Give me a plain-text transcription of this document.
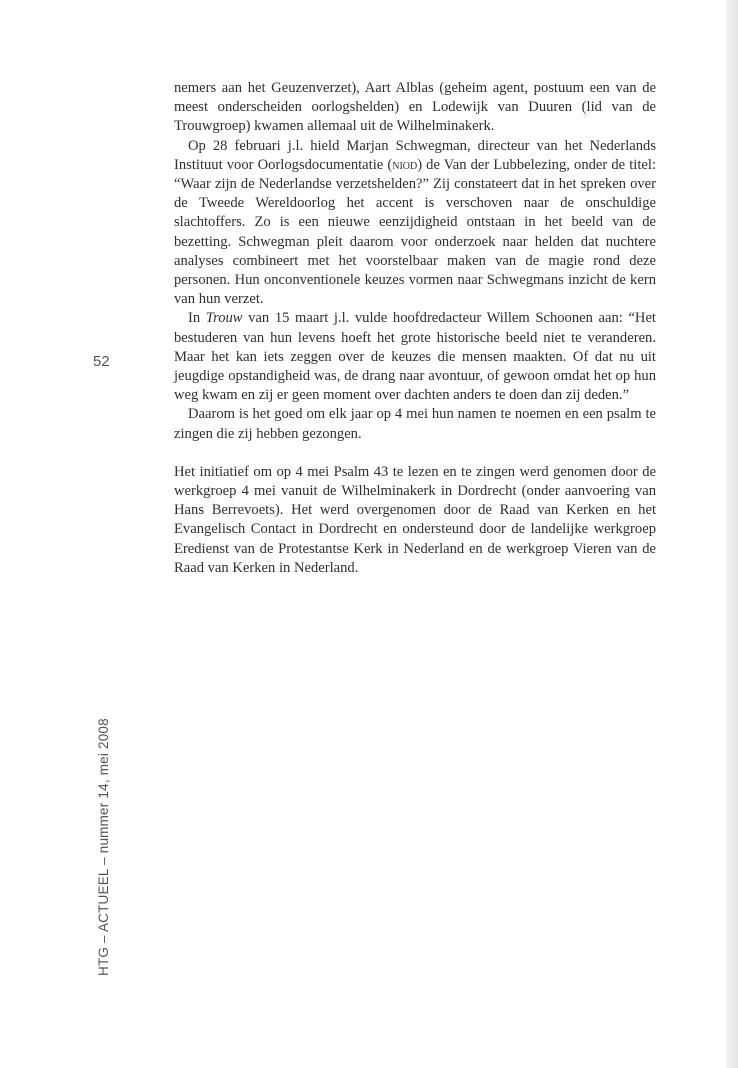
nemers aan het Geuzenverzet), Aart Alblas (geheim agent, postuum een van de meest onderscheiden oorlogshelden) en Lodewijk van Duuren (lid van de Trouwgroep) kwamen allemaal uit de Wilhelminakerk.

Op 28 februari j.l. hield Marjan Schwegman, directeur van het Nederlands Instituut voor Oorlogsdocumentatie (niod) de Van der Lubbelezing, onder de titel: “Waar zijn de Nederlandse verzetshelden?” Zij constateert dat in het spreken over de Tweede Wereldoorlog het accent is verschoven naar de onschuldige slachtoffers. Zo is een nieuwe eenzijdigheid ontstaan in het beeld van de bezetting. Schwegman pleit daarom voor onderzoek naar helden dat nuchtere analyses combineert met het voorstelbaar maken van de magie rond deze personen. Hun onconventionele keuzes vormen naar Schwegmans inzicht de kern van hun verzet.

In Trouw van 15 maart j.l. vulde hoofdredacteur Willem Schoonen aan: “Het bestuderen van hun levens hoeft het grote historische beeld niet te veranderen. Maar het kan iets zeggen over de keuzes die mensen maakten. Of dat nu uit jeugdige opstandigheid was, de drang naar avontuur, of gewoon omdat het op hun weg kwam en zij er geen moment over dachten anders te doen dan zij deden.”

Daarom is het goed om elk jaar op 4 mei hun namen te noemen en een psalm te zingen die zij hebben gezongen.

Het initiatief om op 4 mei Psalm 43 te lezen en te zingen werd genomen door de werkgroep 4 mei vanuit de Wilhelminakerk in Dordrecht (onder aanvoering van Hans Berrevoets). Het werd overgenomen door de Raad van Kerken en het Evangelisch Contact in Dordrecht en ondersteund door de landelijke werkgroep Eredienst van de Protestantse Kerk in Nederland en de werkgroep Vieren van de Raad van Kerken in Nederland.

52
HTG – ACTUEEL – nummer 14, mei 2008
